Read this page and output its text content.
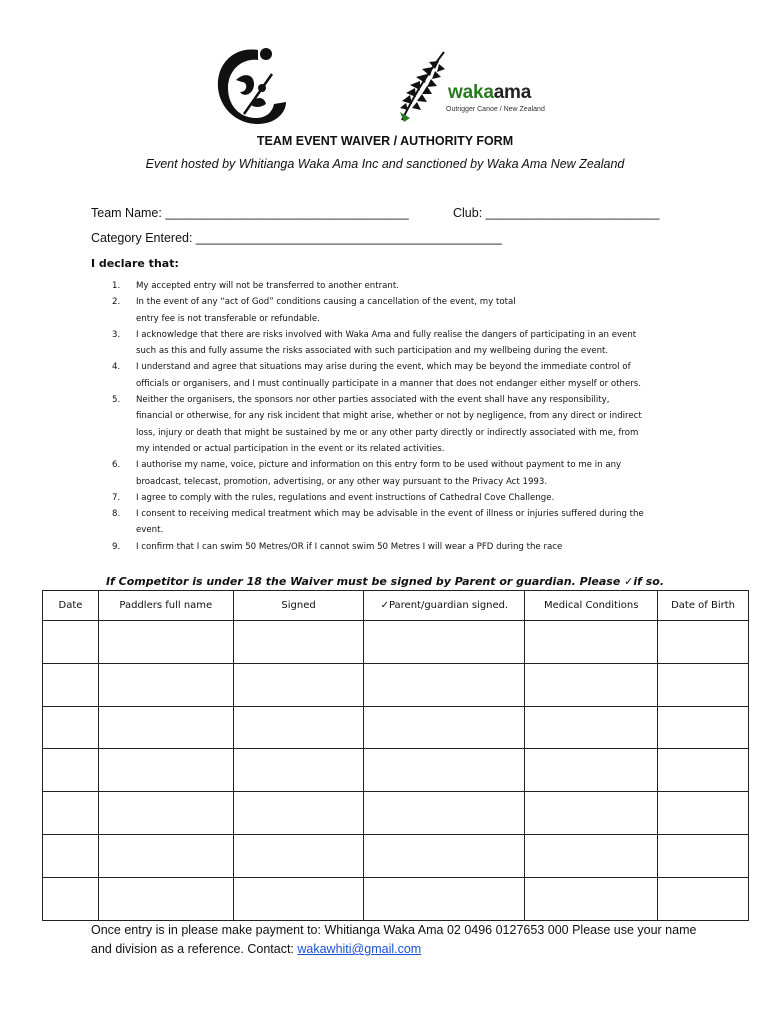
wakaama
Outrigger Canoe / New Zealand
TEAM EVENT WAIVER / AUTHORITY FORM
Event hosted by Whitianga Waka Ama Inc and sanctioned by Waka Ama New Zealand
Team Name: ___________________________________	Club: _________________________
Category Entered: ____________________________________________
I declare that:
1. My accepted entry will not be transferred to another entrant.
2. In the event of any “act of God” conditions causing a cancellation of the event, my total
entry fee is not transferable or refundable.
3. I acknowledge that there are risks involved with Waka Ama and fully realise the dangers of participating in an event
such as this and fully assume the risks associated with such participation and my wellbeing during the event.
4. I understand and agree that situations may arise during the event, which may be beyond the immediate control of
officials or organisers, and I must continually participate in a manner that does not endanger either myself or others.
5. Neither the organisers, the sponsors nor other parties associated with the event shall have any responsibility,
financial or otherwise, for any risk incident that might arise, whether or not by negligence, from any direct or indirect
loss, injury or death that might be sustained by me or any other party directly or indirectly associated with me, from
my intended or actual participation in the event or its related activities.
6. I authorise my name, voice, picture and information on this entry form to be used without payment to me in any
broadcast, telecast, promotion, advertising, or any other way pursuant to the Privacy Act 1993.
7. I agree to comply with the rules, regulations and event instructions of Cathedral Cove Challenge.
8. I consent to receiving medical treatment which may be advisable in the event of illness or injuries suffered during the
event.
9. I confirm that I can swim 50 Metres/OR if I cannot swim 50 Metres I will wear a PFD during the race
If Competitor is under 18 the Waiver must be signed by Parent or guardian. Please ✓if so.
Date	Paddlers full name	Signed	✓Parent/guardian signed.	Medical Conditions	Date of Birth

Once entry is in please make payment to: Whitianga Waka Ama 02 0496 0127653 000 Please use your name and division as a reference. Contact: wakawhiti@gmail.com
